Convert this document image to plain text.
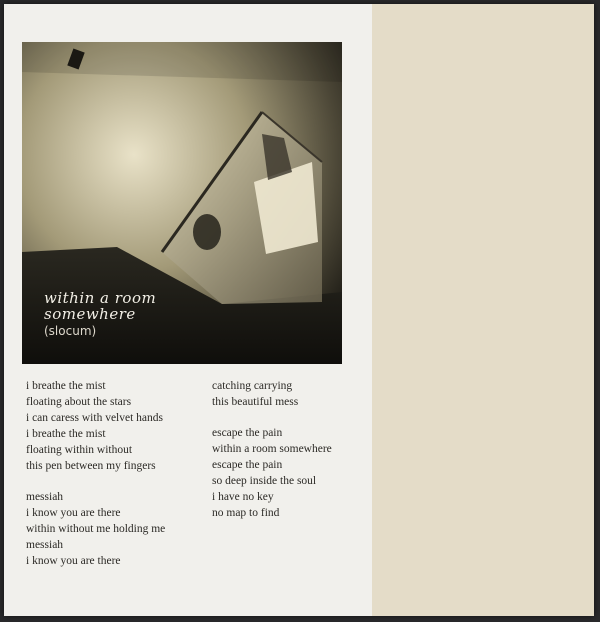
within a room
somewhere
(slocum)
i breathe the mist
floating about the stars
i can caress with velvet hands
i breathe the mist
floating within without
this pen between my fingers
messiah
i know you are there
within without me holding me
messiah
i know you are there
catching carrying
this beautiful mess
escape the pain
within a room somewhere
escape the pain
so deep inside the soul
i have no key
no map to find
